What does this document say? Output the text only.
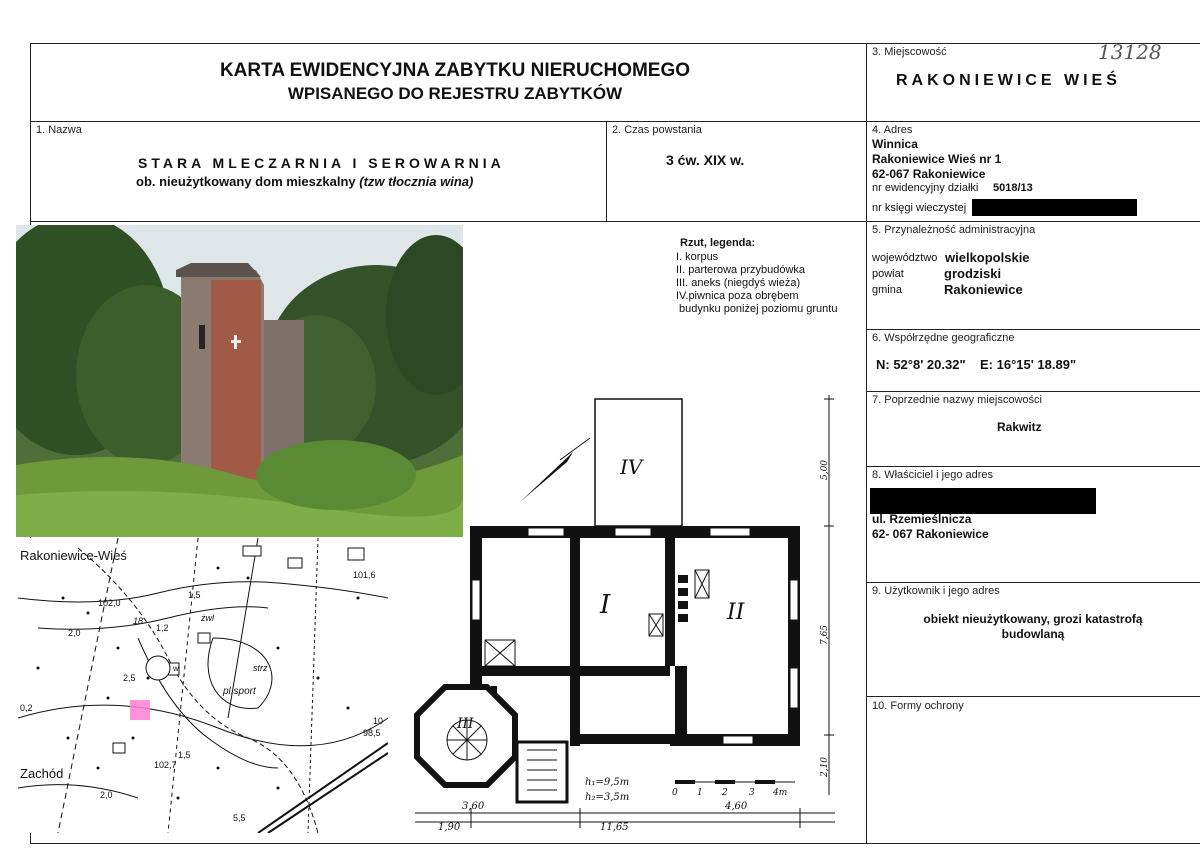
KARTA EWIDENCYJNA ZABYTKU NIERUCHOMEGO
WPISANEGO DO REJESTRU ZABYTKÓW
3. Miejscowość	13128
RAKONIEWICE WIEŚ
1. Nazwa
STARA MLECZARNIA I SEROWARNIA
ob. nieużytkowany dom mieszkalny (tzw tłocznia wina)
2. Czas powstania
3 ćw. XIX w.
4. Adres
Winnica
Rakoniewice Wieś nr 1
62-067 Rakoniewice
nr ewidencyjny działki 5018/13
nr księgi wieczystej
5. Przynależność administracyjna
województwo wielkopolskie
powiat	grodziski
gmina	Rakoniewice
6. Współrzędne geograficzne
N: 52°8' 20.32" E: 16°15' 18.89"
7. Poprzednie nazwy miejscowości
Rakwitz
8. Właściciel i jego adres
ul. Rzemieślnicza
62- 067 Rakoniewice
9. Użytkownik i jego adres
obiekt nieużytkowany, grozi katastrofą
budowlaną
10. Formy ochrony
Rakoniewice-Wieś
Zachód
102,0
2,0
101,6
1,5
102,7
98,5
1,2
2,5
1,5
0,2
2,0
5,5
pl.sport
żwl
strz
w
18
10
Rzut, legenda:
I. korpus
II. parterowa przybudówka
III. aneks (niegdyś wieża)
IV.piwnica poza obrębem
budynku poniżej poziomu gruntu
I	II
III
IV	5,00
7,65
2,10
3,60	4,60
1,90	11,65
h₁=9,5m
h₂=3,5m	0 1 2 3 4m
